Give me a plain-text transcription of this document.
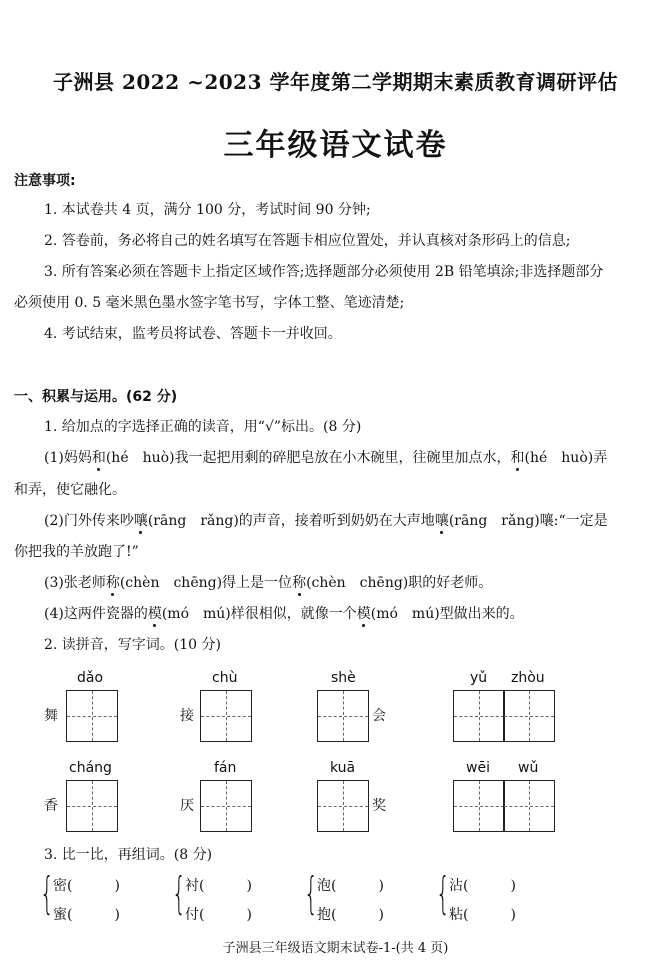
子洲县 2022 ~2023 学年度第二学期期末素质教育调研评估
三年级语文试卷
注意事项:
1. 本试卷共 4 页，满分 100 分，考试时间 90 分钟;
2. 答卷前，务必将自己的姓名填写在答题卡相应位置处，并认真核对条形码上的信息;
3. 所有答案必须在答题卡上指定区域作答;选择题部分必须使用 2B 铅笔填涂;非选择题部分
必须使用 0. 5 毫米黑色墨水签字笔书写，字体工整、笔迹清楚;
4. 考试结束，监考员将试卷、答题卡一并收回。
一、积累与运用。(62 分)
1. 给加点的字选择正确的读音，用“√”标出。(8 分)
(1)妈妈和(hé　huò)我一起把用剩的碎肥皂放在小木碗里，往碗里加点水，和(hé　huò)弄
和弄，使它融化。
(2)门外传来吵嚷(rāng　rǎng)的声音，接着听到奶奶在大声地嚷(rāng　rǎng)嚷:“一定是
你把我的羊放跑了!”
(3)张老师称(chèn　chēng)得上是一位称(chèn　chēng)职的好老师。
(4)这两件瓷器的模(mó　mú)样很相似，就像一个模(mó　mú)型做出来的。
2. 读拼音，写字词。(10 分)
dǎo
舞
chù
接
shè
会
yǔ zhòu
cháng
香
fán
厌
kuā
奖
wēi wǔ
3. 比一比，再组词。(8 分)
{ 密(　　　)
蜜(　　　) { 衬(　　　)
付(　　　) { 泡(　　　)
抱(　　　) { 沾(　　　)
粘(　　　)
子洲县三年级语文期末试卷-1-(共 4 页)
